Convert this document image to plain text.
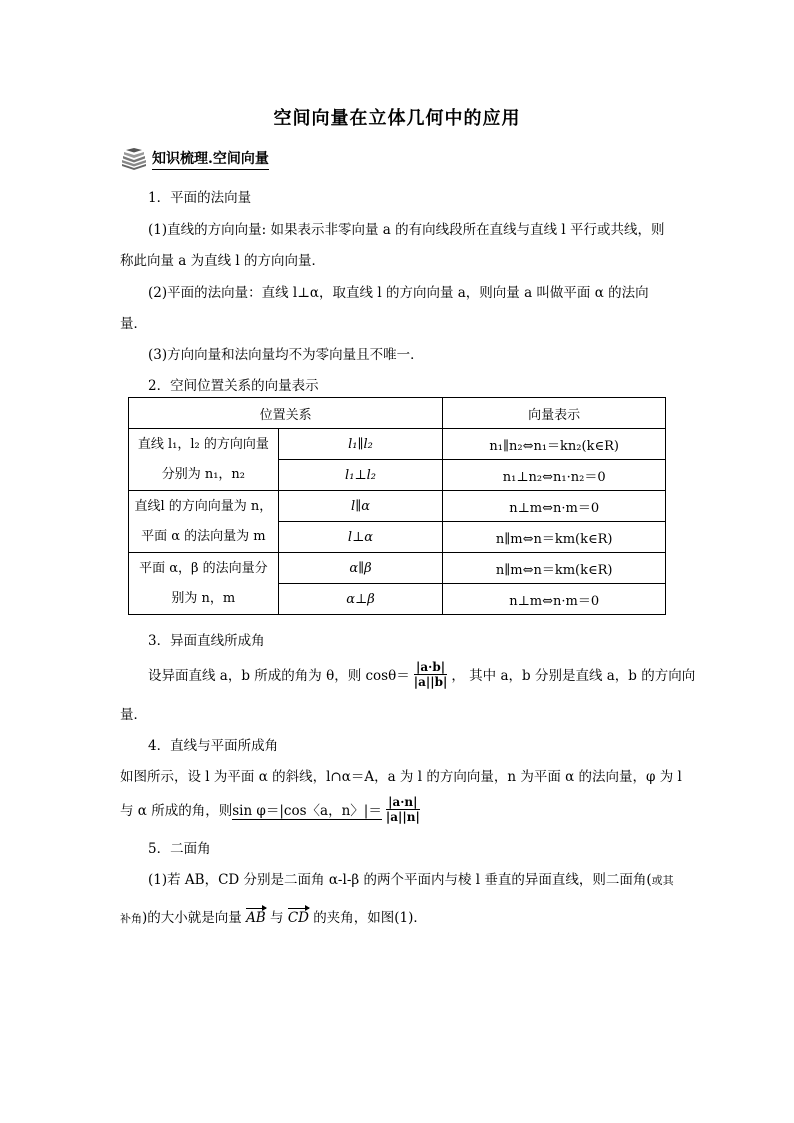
空间向量在立体几何中的应用
知识梳理.空间向量
1．平面的法向量
(1)直线的方向向量: 如果表示非零向量 a 的有向线段所在直线与直线 l 平行或共线，则
称此向量 a 为直线 l 的方向向量．
(2)平面的法向量：直线 l⊥α，取直线 l 的方向向量 a，则向量 a 叫做平面 α 的法向
量．
(3)方向向量和法向量均不为零向量且不唯一．
2．空间位置关系的向量表示
位置关系		向量表示

直线 l₁，l₂ 的方向向量
分别为 n₁，n₂	l₁∥l₂	n₁∥n₂⇔n₁＝kn₂(k∈R)
	l₁⊥l₂	n₁⊥n₂⇔n₁·n₂＝0

直线l 的方向向量为 n，
平面 α 的法向量为 m	l∥α	n⊥m⇔n·m＝0
	l⊥α	n∥m⇔n＝km(k∈R)

平面 α，β 的法向量分
别为 n，m	α∥β	n∥m⇔n＝km(k∈R)
	α⊥β	n⊥m⇔n·m＝0
3．异面直线所成角
设异面直线 a，b 所成的角为 θ，则 $\cos\theta= \frac{|a\cdot b|}{|a||b|}$ ， 其中 a，b 分别是直线 a，b 的方向向
量．
4．直线与平面所成角
如图所示，设 l 为平面 α 的斜线，l∩α＝A，a 为 l 的方向向量，n 为平面 α 的法向量，φ 为 l
与 α 所成的角，则 sin φ＝|cos〈a，n〉|＝ $\frac{|a\cdot n|}{|a||n|}$
5．二面角
(1)若 AB，CD 分别是二面角 α-l-β 的两个平面内与棱 l 垂直的异面直线，则二面角(或其
补角)的大小就是向量 AB 与 CD 的夹角，如图(1)．
